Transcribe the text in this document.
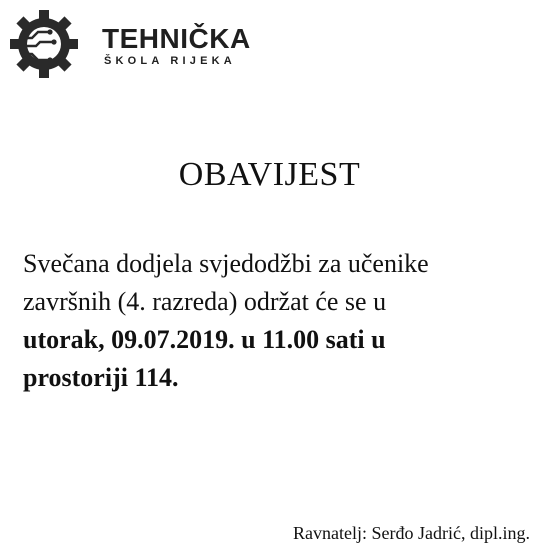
TEHNIČKA
ŠKOLA RIJEKA
OBAVIJEST
Svečana dodjela svjedodžbi za učenike
završnih (4. razreda) održat će se u
utorak, 09.07.2019. u 11.00 sati u
prostoriji 114.
Ravnatelj: Serđo Jadrić, dipl.ing.
